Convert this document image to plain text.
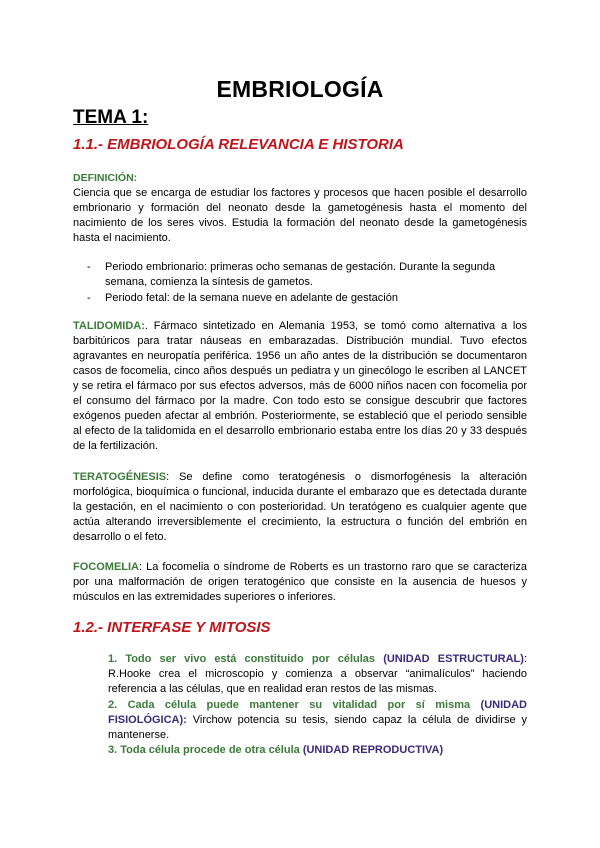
EMBRIOLOGÍA
TEMA 1:
1.1.- EMBRIOLOGÍA RELEVANCIA E HISTORIA
DEFINICIÓN:

Ciencia que se encarga de estudiar los factores y procesos que hacen posible el desarrollo embrionario y formación del neonato desde la gametogénesis hasta el momento del nacimiento de los seres vivos. Estudia la formación del neonato desde la gametogénesis hasta el nacimiento.

- Periodo embrionario: primeras ocho semanas de gestación. Durante la segunda semana, comienza la síntesis de gametos.
- Periodo fetal: de la semana nueve en adelante de gestación

TALIDOMIDA:. Fármaco sintetizado en Alemania 1953, se tomó como alternativa a los barbitúricos para tratar náuseas en embarazadas. Distribución mundial. Tuvo efectos agravantes en neuropatía periférica. 1956 un año antes de la distribución se documentaron casos de focomelia, cinco años después un pediatra y un ginecólogo le escriben al LANCET y se retira el fármaco por sus efectos adversos, más de 6000 niños nacen con focomelia por el consumo del fármaco por la madre. Con todo esto se consigue descubrir que factores exógenos pueden afectar al embrión. Posteriormente, se estableció que el periodo sensible al efecto de la talidomida en el desarrollo embrionario estaba entre los días 20 y 33 después de la fertilización.

TERATOGÉNESIS: Se define como teratogénesis o dismorfogénesis la alteración morfológica, bioquímica o funcional, inducida durante el embarazo que es detectada durante la gestación, en el nacimiento o con posterioridad. Un teratógeno es cualquier agente que actúa alterando irreversiblemente el crecimiento, la estructura o función del embrión en desarrollo o el feto.

FOCOMELIA: La focomelia o síndrome de Roberts es un trastorno raro que se caracteriza por una malformación de origen teratogénico que consiste en la ausencia de huesos y músculos en las extremidades superiores o inferiores.

1.2.- INTERFASE Y MITOSIS

1. Todo ser vivo está constituido por células (UNIDAD ESTRUCTURAL): R.Hooke crea el microscopio y comienza a observar “animalículos” haciendo referencia a las células, que en realidad eran restos de las mismas.

2. Cada célula puede mantener su vitalidad por sí misma (UNIDAD FISIOLÓGICA): Virchow potencia su tesis, siendo capaz la célula de dividirse y mantenerse.

3. Toda célula procede de otra célula (UNIDAD REPRODUCTIVA)
